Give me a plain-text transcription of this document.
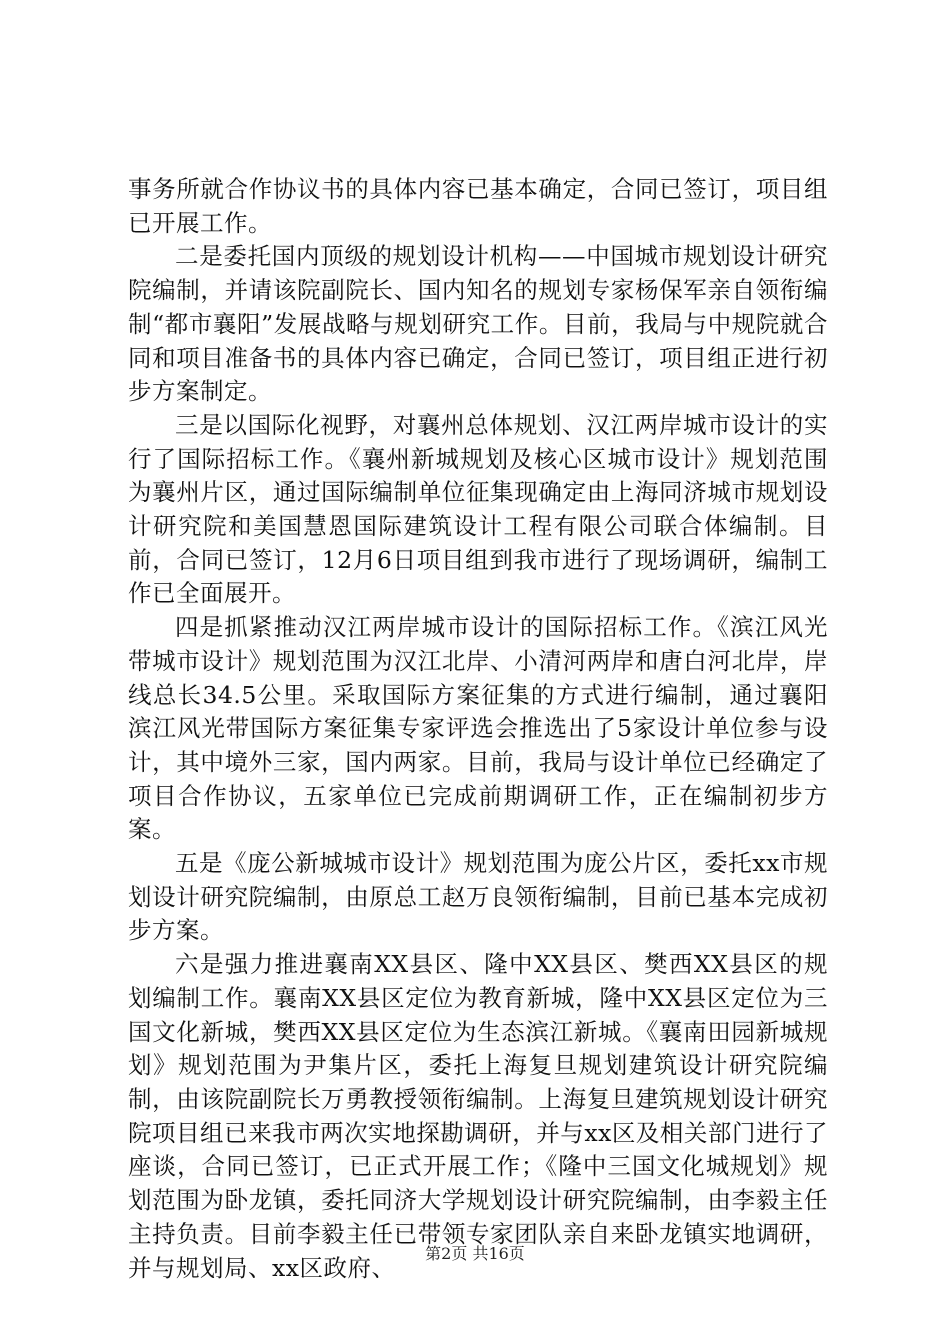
事务所就合作协议书的具体内容已基本确定，合同已签订，项目组已开展工作。

二是委托国内顶级的规划设计机构——中国城市规划设计研究院编制，并请该院副院长、国内知名的规划专家杨保军亲自领衔编制“都市襄阳”发展战略与规划研究工作。目前，我局与中规院就合同和项目准备书的具体内容已确定，合同已签订，项目组正进行初步方案制定。

三是以国际化视野，对襄州总体规划、汉江两岸城市设计的实行了国际招标工作。《襄州新城规划及核心区城市设计》规划范围为襄州片区，通过国际编制单位征集现确定由上海同济城市规划设计研究院和美国慧恩国际建筑设计工程有限公司联合体编制。目前，合同已签订，12月6日项目组到我市进行了现场调研，编制工作已全面展开。

四是抓紧推动汉江两岸城市设计的国际招标工作。《滨江风光带城市设计》规划范围为汉江北岸、小清河两岸和唐白河北岸，岸线总长34.5公里。采取国际方案征集的方式进行编制，通过襄阳滨江风光带国际方案征集专家评选会推选出了5家设计单位参与设计，其中境外三家，国内两家。目前，我局与设计单位已经确定了项目合作协议，五家单位已完成前期调研工作，正在编制初步方案。

五是《庞公新城城市设计》规划范围为庞公片区，委托xx市规划设计研究院编制，由原总工赵万良领衔编制，目前已基本完成初步方案。

六是强力推进襄南XX县区、隆中XX县区、樊西XX县区的规划编制工作。襄南XX县区定位为教育新城，隆中XX县区定位为三国文化新城，樊西XX县区定位为生态滨江新城。《襄南田园新城规划》规划范围为尹集片区，委托上海复旦规划建筑设计研究院编制，由该院副院长万勇教授领衔编制。上海复旦建筑规划设计研究院项目组已来我市两次实地探勘调研，并与xx区及相关部门进行了座谈，合同已签订，已正式开展工作；《隆中三国文化城规划》规划范围为卧龙镇，委托同济大学规划设计研究院编制，由李毅主任主持负责。目前李毅主任已带领专家团队亲自来卧龙镇实地调研，并与规划局、xx区政府、	第2页 共16页
